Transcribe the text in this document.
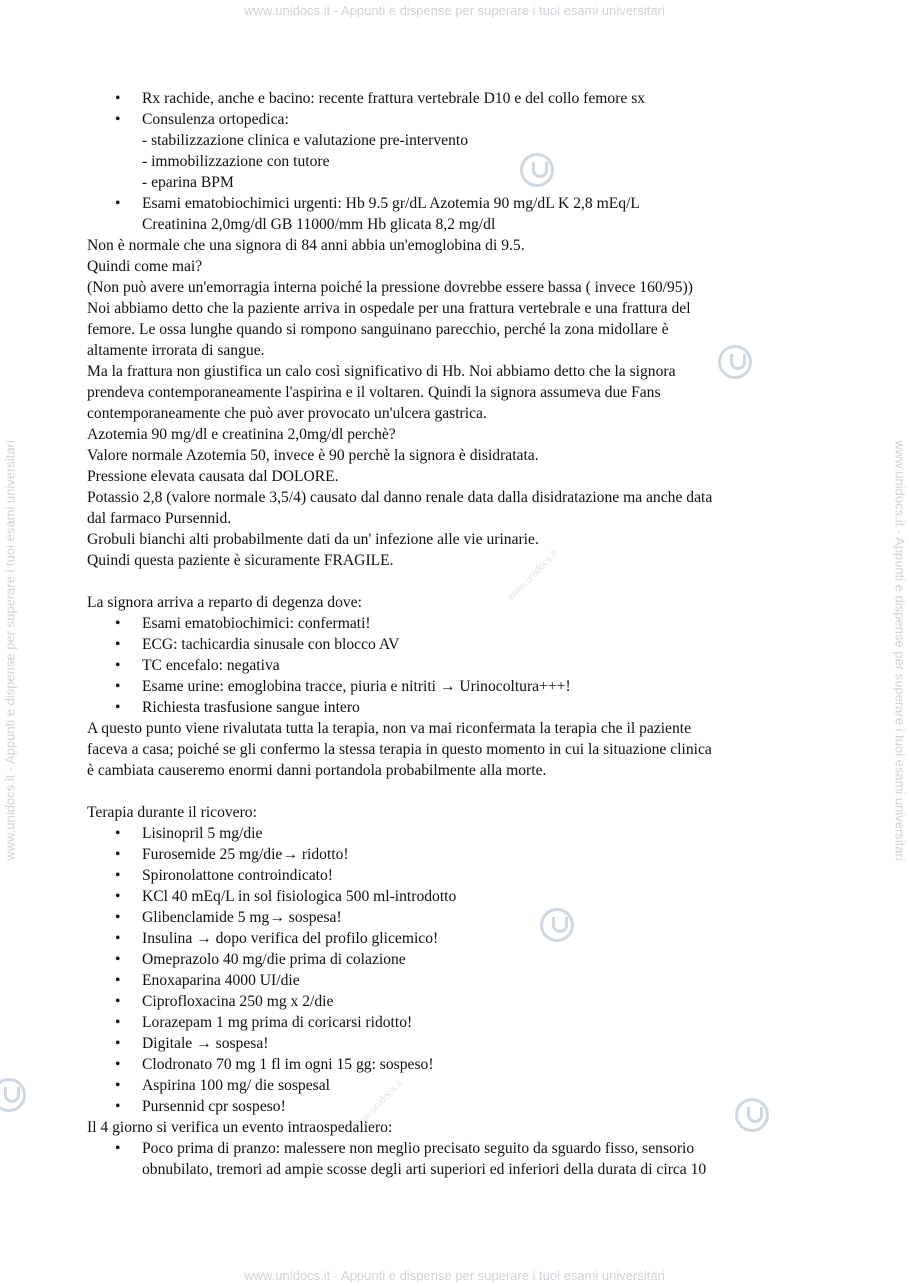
www.unidocs.it - Appunti e dispense per superare i tuoi esami universitari
www.unidocs.it - Appunti e dispense per superare i tuoi esami universitari
www.unidocs.it - Appunti e dispense per superare i tuoi esami universitari	www.unidocs.it - Appunti e dispense per superare i tuoi esami universitari
www.unidocs.it
www.unidocs.it
• Rx rachide, anche e bacino: recente frattura vertebrale D10 e del collo femore sx
• Consulenza ortopedica:
- stabilizzazione clinica e valutazione pre-intervento
- immobilizzazione con tutore
- eparina BPM
• Esami ematobiochimici urgenti: Hb 9.5 gr/dL Azotemia 90 mg/dL K 2,8 mEq/L
Creatinina 2,0mg/dl GB 11000/mm Hb glicata 8,2 mg/dl
Non è normale che una signora di 84 anni abbia un'emoglobina di 9.5.
Quindi come mai?
(Non può avere un'emorragia interna poiché la pressione dovrebbe essere bassa ( invece 160/95))
Noi abbiamo detto che la paziente arriva in ospedale per una frattura vertebrale e una frattura del
femore. Le ossa lunghe quando si rompono sanguinano parecchio, perché la zona midollare è
altamente irrorata di sangue.
Ma la frattura non giustifica un calo così significativo di Hb. Noi abbiamo detto che la signora
prendeva contemporaneamente l'aspirina e il voltaren. Quindi la signora assumeva due Fans
contemporaneamente che può aver provocato un'ulcera gastrica.
Azotemia 90 mg/dl e creatinina 2,0mg/dl perchè?
Valore normale Azotemia 50, invece è 90 perchè la signora è disidratata.
Pressione elevata causata dal DOLORE.
Potassio 2,8 (valore normale 3,5/4) causato dal danno renale data dalla disidratazione ma anche data
dal farmaco Pursennid.
Grobuli bianchi alti probabilmente dati da un' infezione alle vie urinarie.
Quindi questa paziente è sicuramente FRAGILE.
La signora arriva a reparto di degenza dove:
• Esami ematobiochimici: confermati!
• ECG: tachicardia sinusale con blocco AV
• TC encefalo: negativa
• Esame urine: emoglobina tracce, piuria e nitriti → Urinocoltura+++!
• Richiesta trasfusione sangue intero
A questo punto viene rivalutata tutta la terapia, non va mai riconfermata la terapia che il paziente
faceva a casa; poiché se gli confermo la stessa terapia in questo momento in cui la situazione clinica
è cambiata causeremo enormi danni portandola probabilmente alla morte.
Terapia durante il ricovero:
• Lisinopril 5 mg/die
• Furosemide 25 mg/die→ ridotto!
• Spironolattone controindicato!
• KCl 40 mEq/L in sol fisiologica 500 ml-introdotto
• Glibenclamide 5 mg→ sospesa!
• Insulina → dopo verifica del profilo glicemico!
• Omeprazolo 40 mg/die prima di colazione
• Enoxaparina 4000 UI/die
• Ciprofloxacina 250 mg x 2/die
• Lorazepam 1 mg prima di coricarsi ridotto!
• Digitale → sospesa!
• Clodronato 70 mg 1 fl im ogni 15 gg: sospeso!
• Aspirina 100 mg/ die sospesal
• Pursennid cpr sospeso!
Il 4 giorno si verifica un evento intraospedaliero:
• Poco prima di pranzo: malessere non meglio precisato seguito da sguardo fisso, sensorio
obnubilato, tremori ad ampie scosse degli arti superiori ed inferiori della durata di circa 10
